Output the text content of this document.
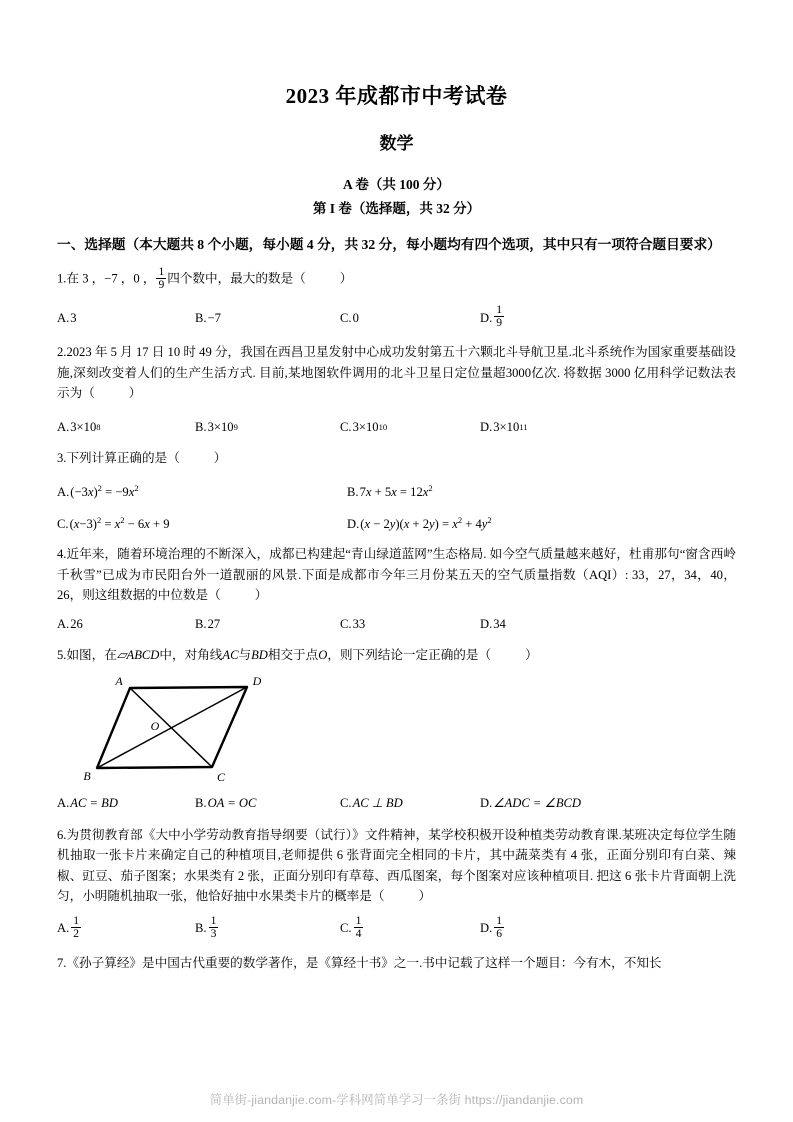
2023 年成都市中考试卷
数学
A 卷（共 100 分）
第 I 卷（选择题，共 32 分）
一、选择题（本大题共 8 个小题，每小题 4 分，共 32 分，每小题均有四个选项，其中只有一项符合题目要求）
1.在 3 ，−7 ，0 ， $\frac{1}{9}$ 四个数中，最大的数是（	）
A. 3	B. −7	C. 0	D. $\frac{1}{9}$
2.2023 年 5 月 17 日 10 时 49 分，我国在西昌卫星发射中心成功发射第五十六颗北斗导航卫星.北斗系统作为国家重要基础设施,深刻改变着人们的生产生活方式. 目前,某地图软件调用的北斗卫星日定位量超3000亿次. 将数据 3000 亿用科学记数法表示为（	）
A. 3×10 8	B. 3×10 9	C. 3×10 10	D. 3×10 11
3.下列计算正确的是（	）
A. $(-3x)^2 = -9x^2$	B. $7x + 5x = 12x^2$
C. $(x-3)^2 = x^2 - 6x + 9$	D. $(x - 2y)(x + 2y) = x^2 + 4y^2$
4.近年来，随着环境治理的不断深入，成都已构建起“青山绿道蓝网”生态格局. 如今空气质量越来越好，杜甫那句“窗含西岭千秋雪”已成为市民阳台外一道靓丽的风景.下面是成都市今年三月份某五天的空气质量指数（AQI）: 33，27，34，40，26，则这组数据的中位数是（	）
A. 26	B. 27	C. 33	D. 34
5.如图，在▱ABCD中，对角线AC与BD相交于点O，则下列结论一定正确的是（	）
A	D
B	C
O
A. AC = BD	B. OA = OC	C. AC ⊥ BD	D. ∠ADC = ∠BCD
6.为贯彻教育部《大中小学劳动教育指导纲要（试行）》文件精神，某学校积极开设种植类劳动教育课.某班决定每位学生随机抽取一张卡片来确定自己的种植项目,老师提供 6 张背面完全相同的卡片，其中蔬菜类有 4 张，正面分别印有白菜、辣椒、豇豆、茄子图案；水果类有 2 张，正面分别印有草莓、西瓜图案，每个图案对应该种植项目. 把这 6 张卡片背面朝上洗匀，小明随机抽取一张，他恰好抽中水果类卡片的概率是（	）
A. $\frac{1}{2}$	B. $\frac{1}{3}$	C. $\frac{1}{4}$	D. $\frac{1}{6}$
7.《孙子算经》是中国古代重要的数学著作，是《算经十书》之一.书中记载了这样一个题目：今有木，不知长
简单街-jiandanjie.com-学科网简单学习一条街 https://jiandanjie.com
